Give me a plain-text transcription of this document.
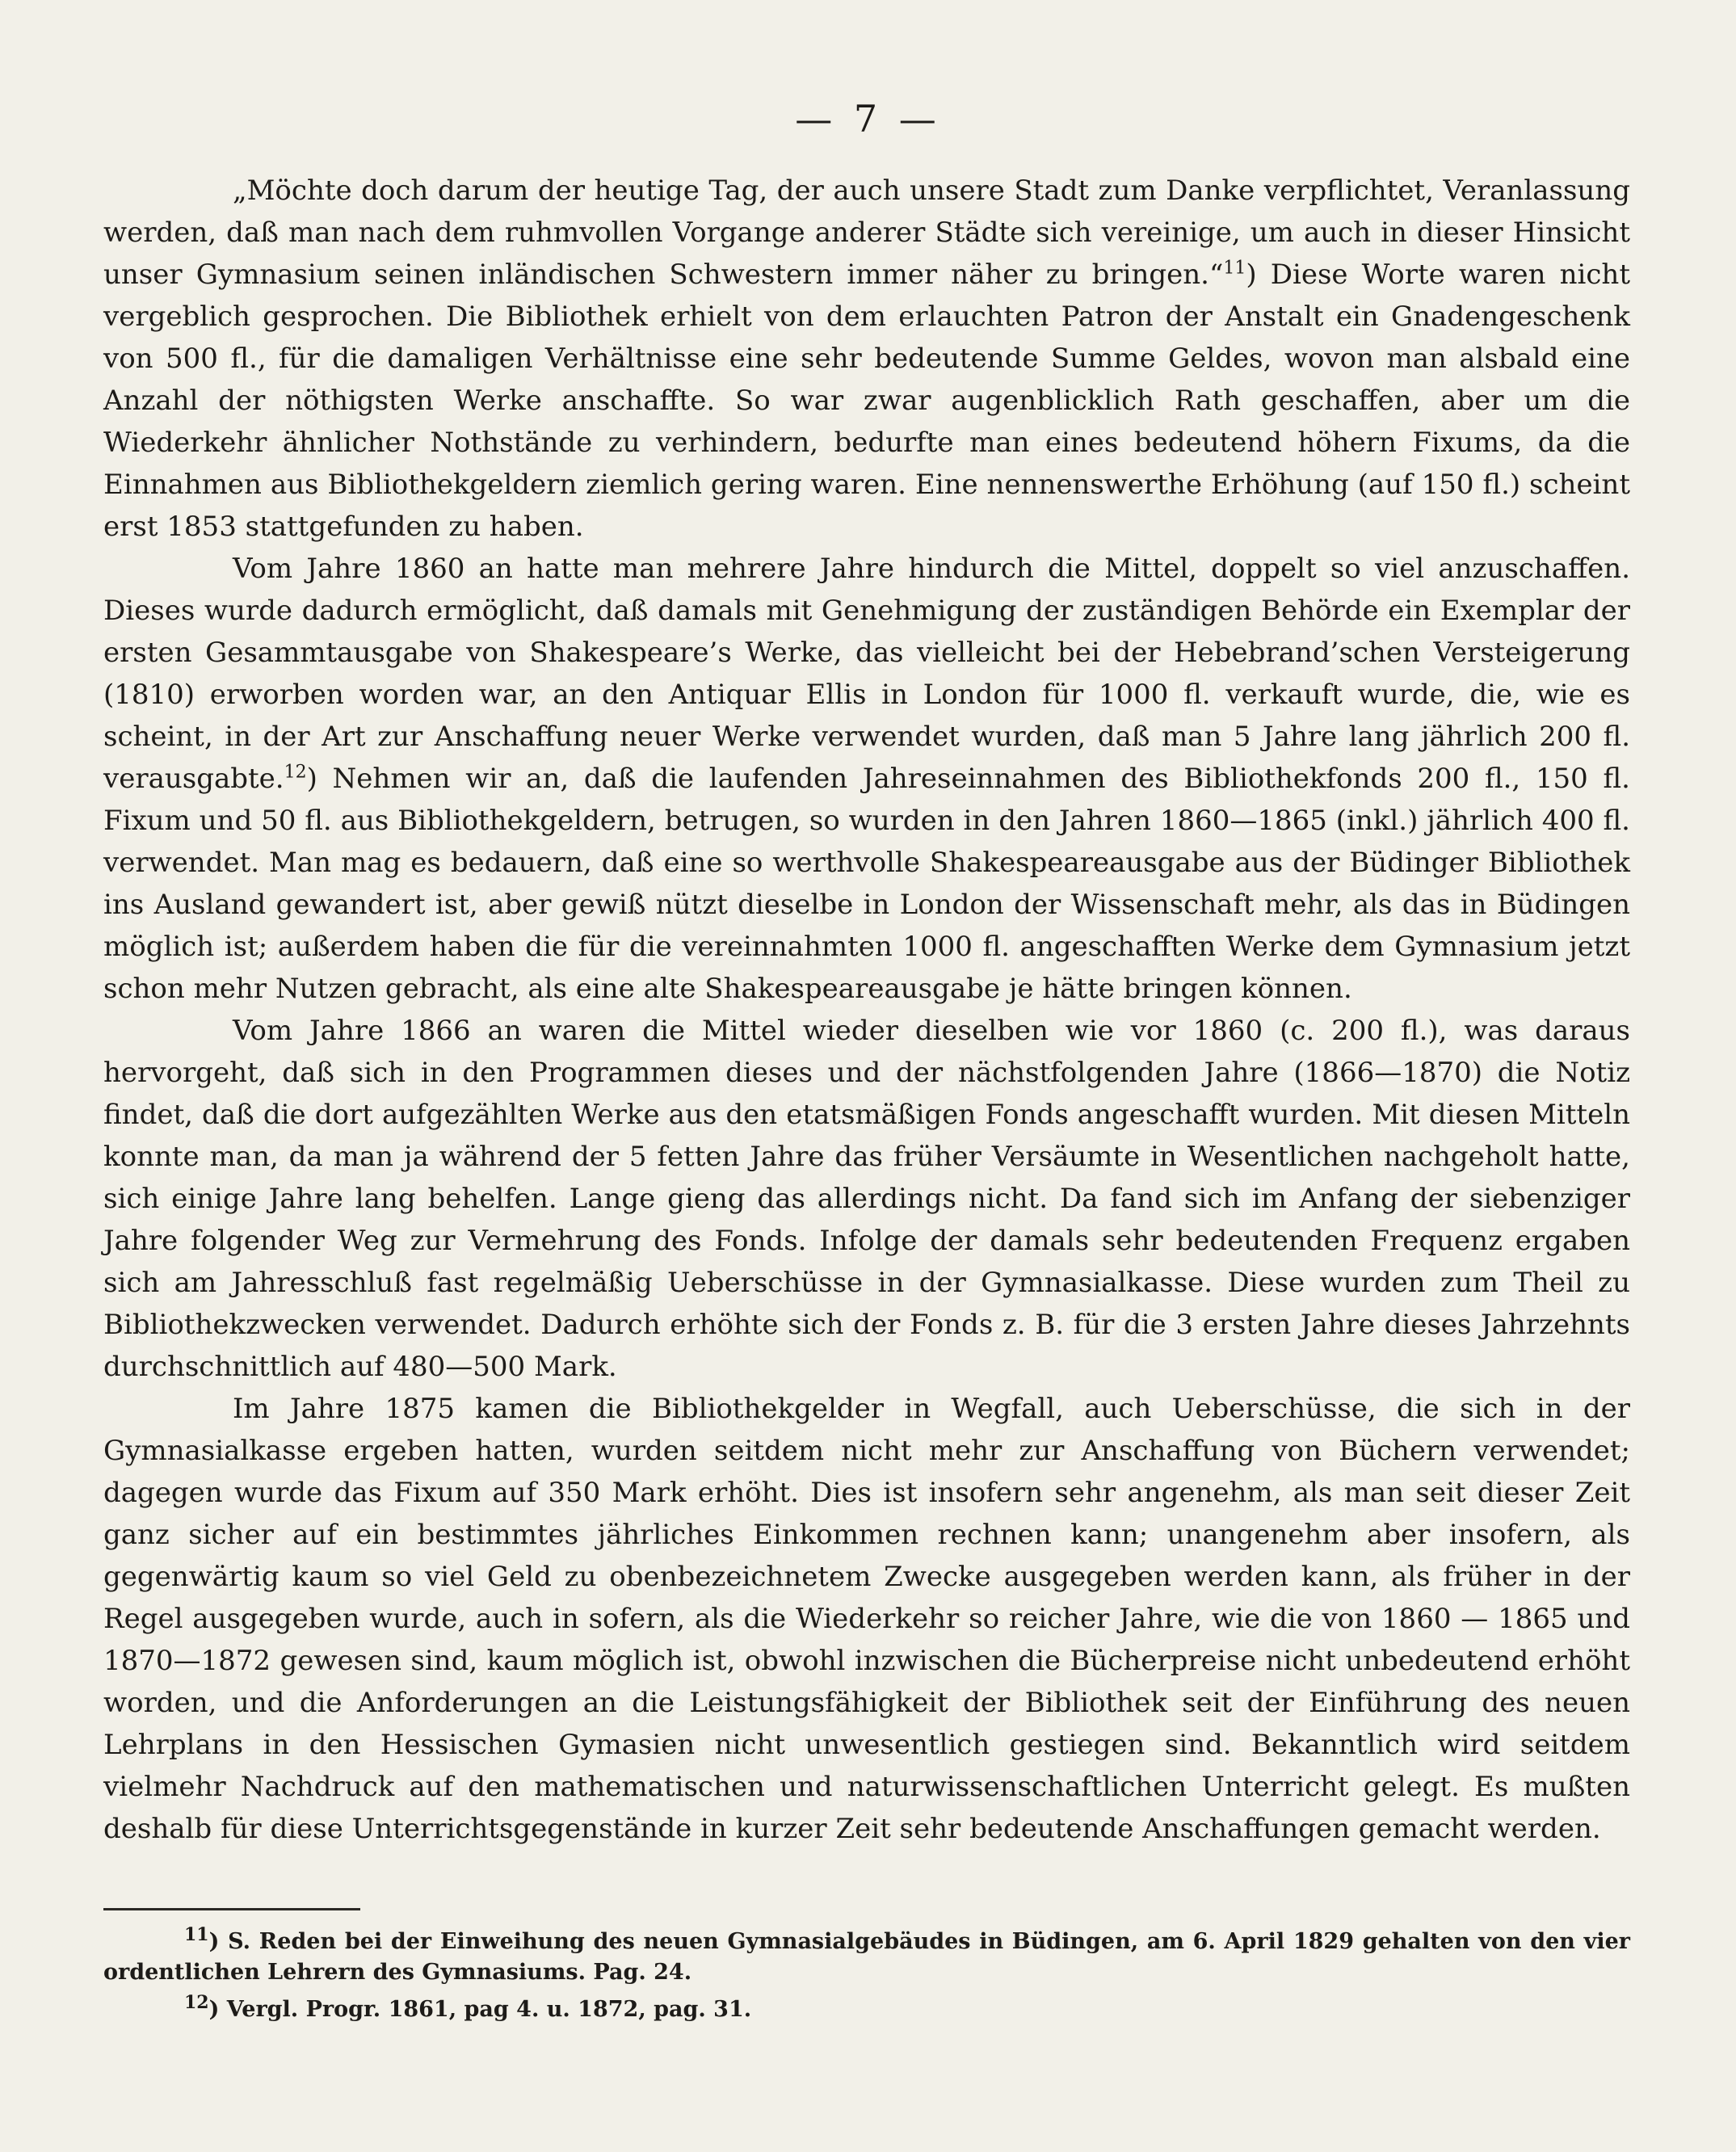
— 7 —

„Möchte doch darum der heutige Tag, der auch unsere Stadt zum Danke verpflichtet, Veranlassung werden, daß man nach dem ruhmvollen Vorgange anderer Städte sich vereinige, um auch in dieser Hinsicht unser Gymnasium seinen inländischen Schwestern immer näher zu bringen.“$^{11}$) Diese Worte waren nicht vergeblich gesprochen. Die Bibliothek erhielt von dem erlauchten Patron der Anstalt ein Gnadengeschenk von 500 fl., für die damaligen Verhältnisse eine sehr bedeutende Summe Geldes, wovon man alsbald eine Anzahl der nöthigsten Werke anschaffte. So war zwar augenblicklich Rath geschaffen, aber um die Wiederkehr ähnlicher Nothstände zu verhindern, bedurfte man eines bedeutend höhern Fixums, da die Einnahmen aus Bibliothekgeldern ziemlich gering waren. Eine nennenswerthe Erhöhung (auf 150 fl.) scheint erst 1853 stattgefunden zu haben.

Vom Jahre 1860 an hatte man mehrere Jahre hindurch die Mittel, doppelt so viel anzuschaffen. Dieses wurde dadurch ermöglicht, daß damals mit Genehmigung der zuständigen Behörde ein Exemplar der ersten Gesammtausgabe von Shakespeare’s Werke, das vielleicht bei der Hebebrand’schen Versteigerung (1810) erworben worden war, an den Antiquar Ellis in London für 1000 fl. verkauft wurde, die, wie es scheint, in der Art zur Anschaffung neuer Werke verwendet wurden, daß man 5 Jahre lang jährlich 200 fl. verausgabte.$^{12}$) Nehmen wir an, daß die laufenden Jahreseinnahmen des Bibliothekfonds 200 fl., 150 fl. Fixum und 50 fl. aus Bibliothekgeldern, betrugen, so wurden in den Jahren 1860—1865 (inkl.) jährlich 400 fl. verwendet. Man mag es bedauern, daß eine so werthvolle Shakespeareausgabe aus der Büdinger Bibliothek ins Ausland gewandert ist, aber gewiß nützt dieselbe in London der Wissenschaft mehr, als das in Büdingen möglich ist; außerdem haben die für die vereinnahmten 1000 fl. angeschafften Werke dem Gymnasium jetzt schon mehr Nutzen gebracht, als eine alte Shakespeareausgabe je hätte bringen können.

Vom Jahre 1866 an waren die Mittel wieder dieselben wie vor 1860 (c. 200 fl.), was daraus hervorgeht, daß sich in den Programmen dieses und der nächstfolgenden Jahre (1866—1870) die Notiz findet, daß die dort aufgezählten Werke aus den etatsmäßigen Fonds angeschafft wurden. Mit diesen Mitteln konnte man, da man ja während der 5 fetten Jahre das früher Versäumte in Wesentlichen nachgeholt hatte, sich einige Jahre lang behelfen. Lange gieng das allerdings nicht. Da fand sich im Anfang der siebenziger Jahre folgender Weg zur Vermehrung des Fonds. Infolge der damals sehr bedeutenden Frequenz ergaben sich am Jahresschluß fast regelmäßig Ueberschüsse in der Gymnasialkasse. Diese wurden zum Theil zu Bibliothekzwecken verwendet. Dadurch erhöhte sich der Fonds z. B. für die 3 ersten Jahre dieses Jahrzehnts durchschnittlich auf 480—500 Mark.

Im Jahre 1875 kamen die Bibliothekgelder in Wegfall, auch Ueberschüsse, die sich in der Gymnasialkasse ergeben hatten, wurden seitdem nicht mehr zur Anschaffung von Büchern verwendet; dagegen wurde das Fixum auf 350 Mark erhöht. Dies ist insofern sehr angenehm, als man seit dieser Zeit ganz sicher auf ein bestimmtes jährliches Einkommen rechnen kann; unangenehm aber insofern, als gegenwärtig kaum so viel Geld zu obenbezeichnetem Zwecke ausgegeben werden kann, als früher in der Regel ausgegeben wurde, auch in sofern, als die Wiederkehr so reicher Jahre, wie die von 1860 — 1865 und 1870—1872 gewesen sind, kaum möglich ist, obwohl inzwischen die Bücherpreise nicht unbedeutend erhöht worden, und die Anforderungen an die Leistungsfähigkeit der Bibliothek seit der Einführung des neuen Lehrplans in den Hessischen Gymasien nicht unwesentlich gestiegen sind. Bekanntlich wird seitdem vielmehr Nachdruck auf den mathematischen und naturwissenschaftlichen Unterricht gelegt. Es mußten deshalb für diese Unterrichtsgegenstände in kurzer Zeit sehr bedeutende Anschaffungen gemacht werden.

$^{11}$) S. Reden bei der Einweihung des neuen Gymnasialgebäudes in Büdingen, am 6. April 1829 gehalten von den vier ordentlichen Lehrern des Gymnasiums. Pag. 24.

$^{12}$) Vergl. Progr. 1861, pag 4. u. 1872, pag. 31.
